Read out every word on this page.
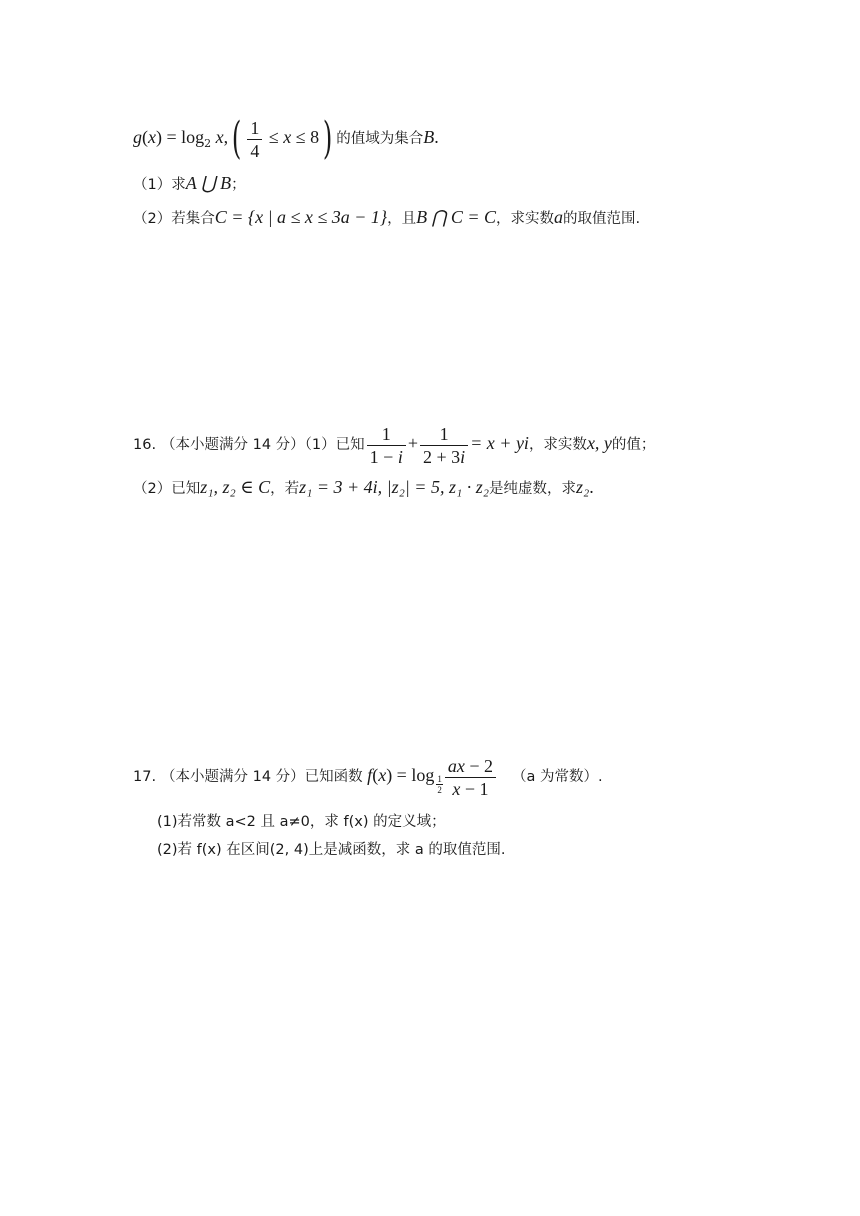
$g(x) = \log_2 x,( \frac{1}{4} \le x \le 8)$ 的值域为集合B.
（1）求A ⋃ B；
（2）若集合C = {x | a ≤ x ≤ 3a − 1}，且B ⋂ C = C，求实数a的取值范围.
16. （本小题满分 14 分）（1）已知 $\frac{1}{1 - i} + \frac{1}{2 + 3i} = x$ + yi，求实数x, y的值；
（2）已知z₁, z₂ ∈ C，若z₁ = 3 + 4i, |z₂| = 5, z₁ · z₂是纯虚数，求z₂.
17. （本小题满分 14 分）已知函数 $f(x) = \log \frac{1}{2} \frac{ax - 2}{x - 1} (a$ 为常数）.
(1)若常数 a<2 且 a≠0，求 f(x) 的定义域；
(2)若 f(x) 在区间(2, 4)上是减函数，求 a 的取值范围.
